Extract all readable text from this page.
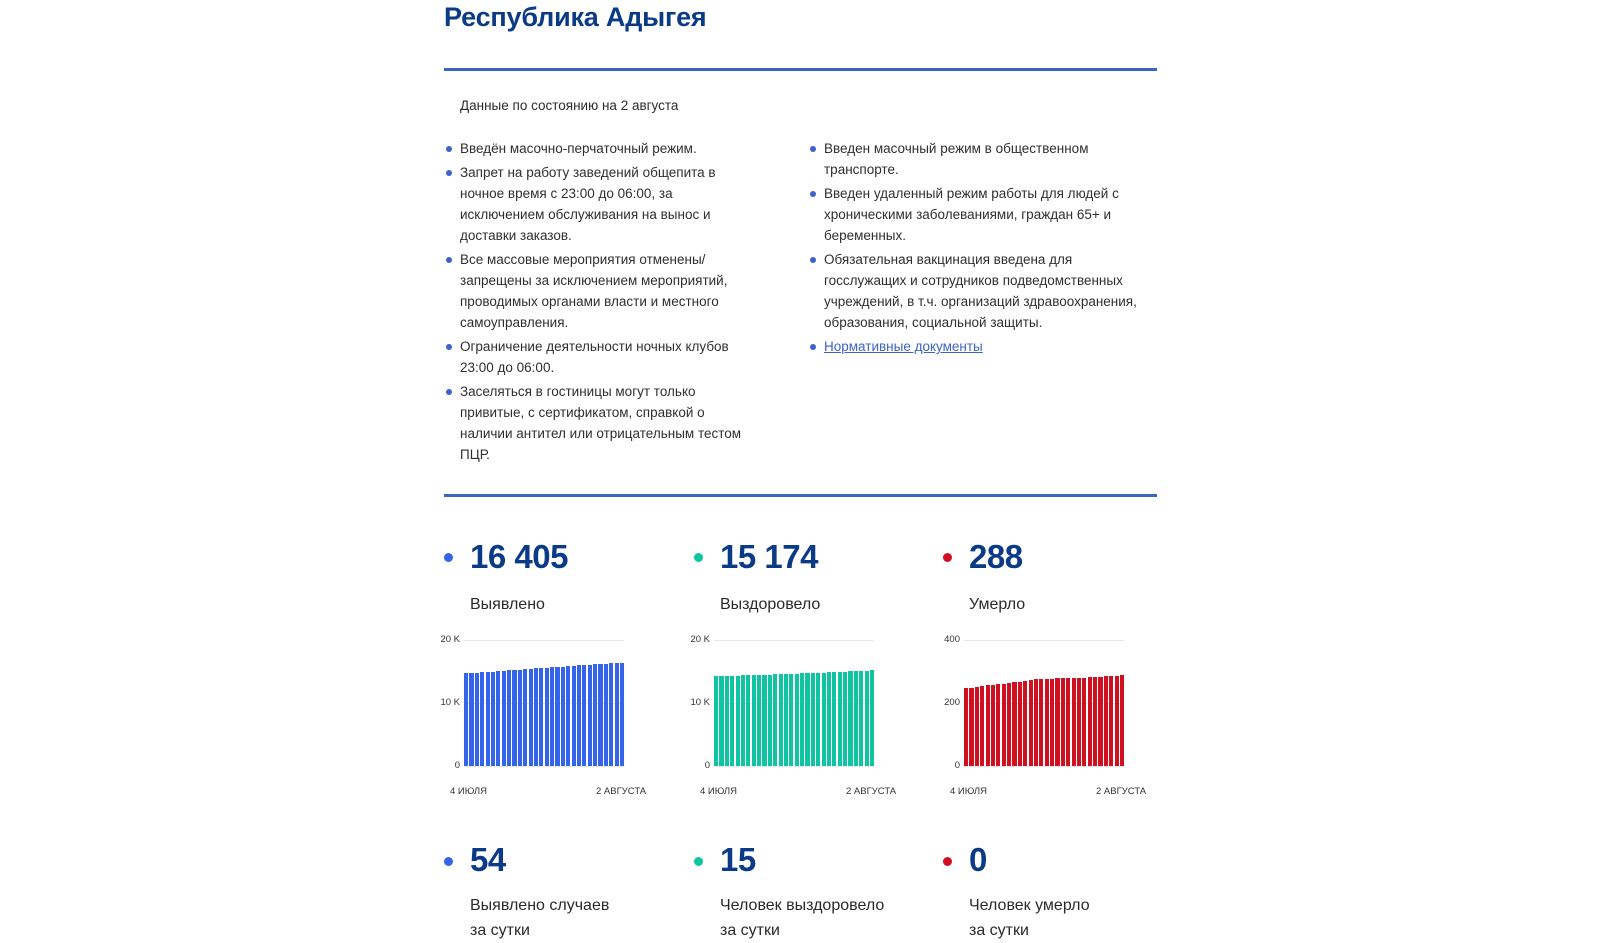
Республика Адыгея
Данные по состоянию на 2 августа
Введён масочно-перчаточный режим.
Запрет на работу заведений общепита в ночное время с 23:00 до 06:00, за исключением обслуживания на вынос и доставки заказов.
Все массовые мероприятия отменены/ запрещены за исключением мероприятий, проводимых органами власти и местного самоуправления.
Ограничение деятельности ночных клубов 23:00 до 06:00.
Заселяться в гостиницы могут только привитые, с сертификатом, справкой о наличии антител или отрицательным тестом ПЦР.
Введен масочный режим в общественном транспорте.
Введен удаленный режим работы для людей с хроническими заболеваниями, граждан 65+ и беременных.
Обязательная вакцинация введена для госслужащих и сотрудников подведомственных учреждений, в т.ч. организаций здравоохранения, образования, социальной защиты.
Нормативные документы
16 405
Выявлено
15 174
Выздоровело
288
Умерло
20 K
10 K
0
4 ИЮЛЯ	2 АВГУСТА
20 K
10 K
0
4 ИЮЛЯ	2 АВГУСТА
400
200
0
4 ИЮЛЯ	2 АВГУСТА
54
Выявлено случаев
за сутки
15
Человек выздоровело
за сутки
0
Человек умерло
за сутки
